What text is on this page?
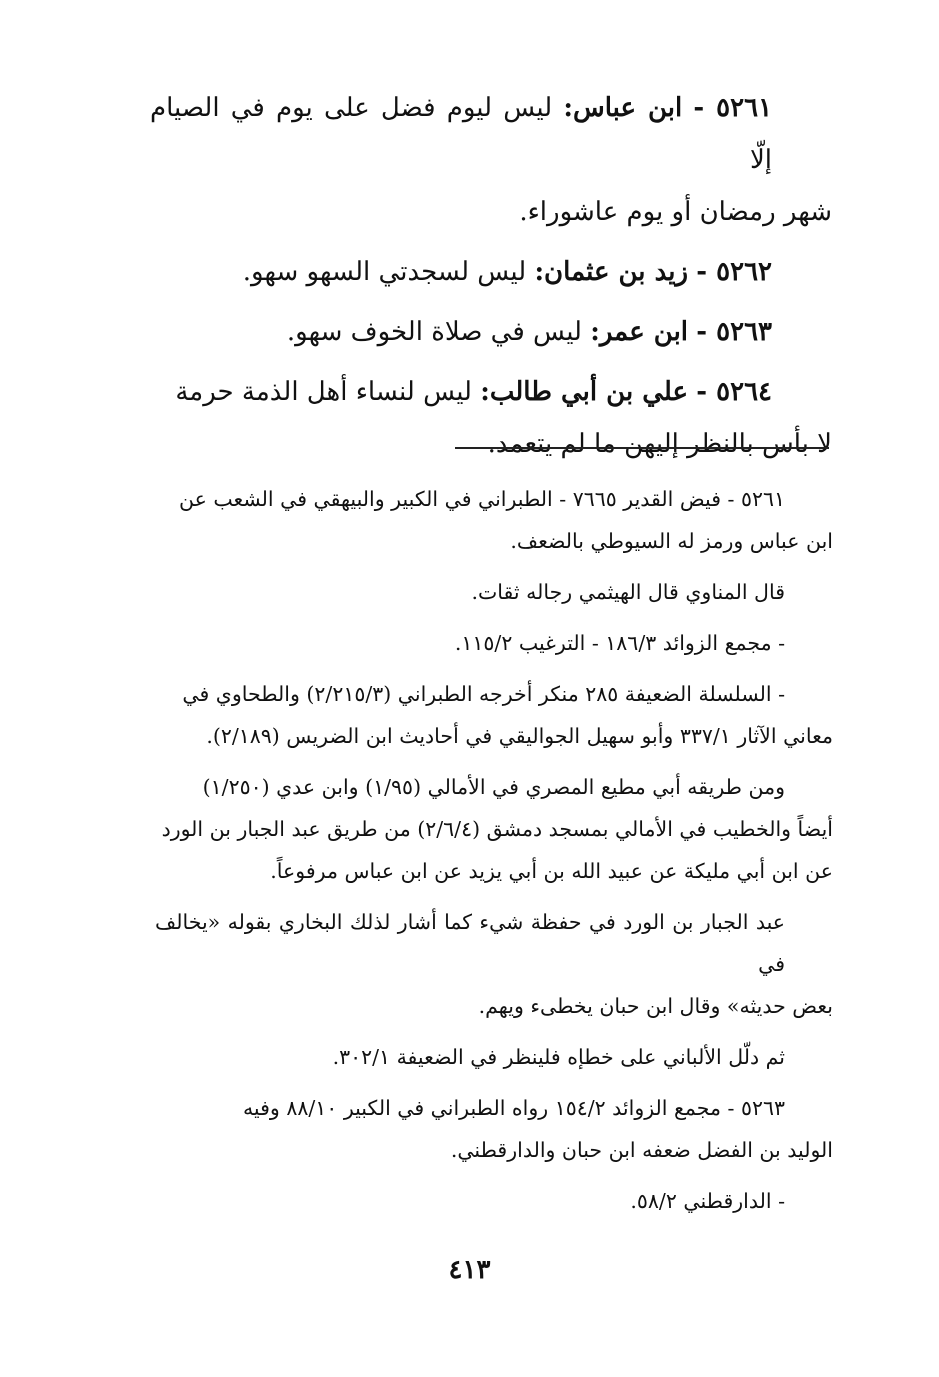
٥٢٦١ - ابن عباس: ليس ليوم فضل على يوم في الصيام إلّا
شهر رمضان أو يوم عاشوراء.

٥٢٦٢ - زيد بن عثمان: ليس لسجدتي السهو سهو.

٥٢٦٣ - ابن عمر: ليس في صلاة الخوف سهو.

٥٢٦٤ - علي بن أبي طالب: ليس لنساء أهل الذمة حرمة
لا بأس بالنظر إليهن ما لم يتعمد.

٥٢٦١ - فيض القدير ٧٦٦٥ - الطبراني في الكبير والبيهقي في الشعب عن
ابن عباس ورمز له السيوطي بالضعف.

قال المناوي قال الهيثمي رجاله ثقات.

- مجمع الزوائد ١٨٦/٣ - الترغيب ١١٥/٢.

- السلسلة الضعيفة ٢٨٥ منكر أخرجه الطبراني (٢/٢١٥/٣) والطحاوي في
معاني الآثار ٣٣٧/١ وأبو سهيل الجواليقي في أحاديث ابن الضريس (٢/١٨٩).

ومن طريقه أبي مطيع المصري في الأمالي (١/٩٥) وابن عدي (١/٢٥٠)
أيضاً والخطيب في الأمالي بمسجد دمشق (٢/٦/٤) من طريق عبد الجبار بن الورد
عن ابن أبي مليكة عن عبيد الله بن أبي يزيد عن ابن عباس مرفوعاً.

عبد الجبار بن الورد في حفظة شيء كما أشار لذلك البخاري بقوله «يخالف في
بعض حديثه» وقال ابن حبان يخطىء ويهم.

ثم دلّل الألباني على خطإه فلينظر في الضعيفة ٣٠٢/١.

٥٢٦٣ - مجمع الزوائد ١٥٤/٢ رواه الطبراني في الكبير ٨٨/١٠ وفيه
الوليد بن الفضل ضعفه ابن حبان والدارقطني.

- الدارقطني ٥٨/٢.

٤١٣
